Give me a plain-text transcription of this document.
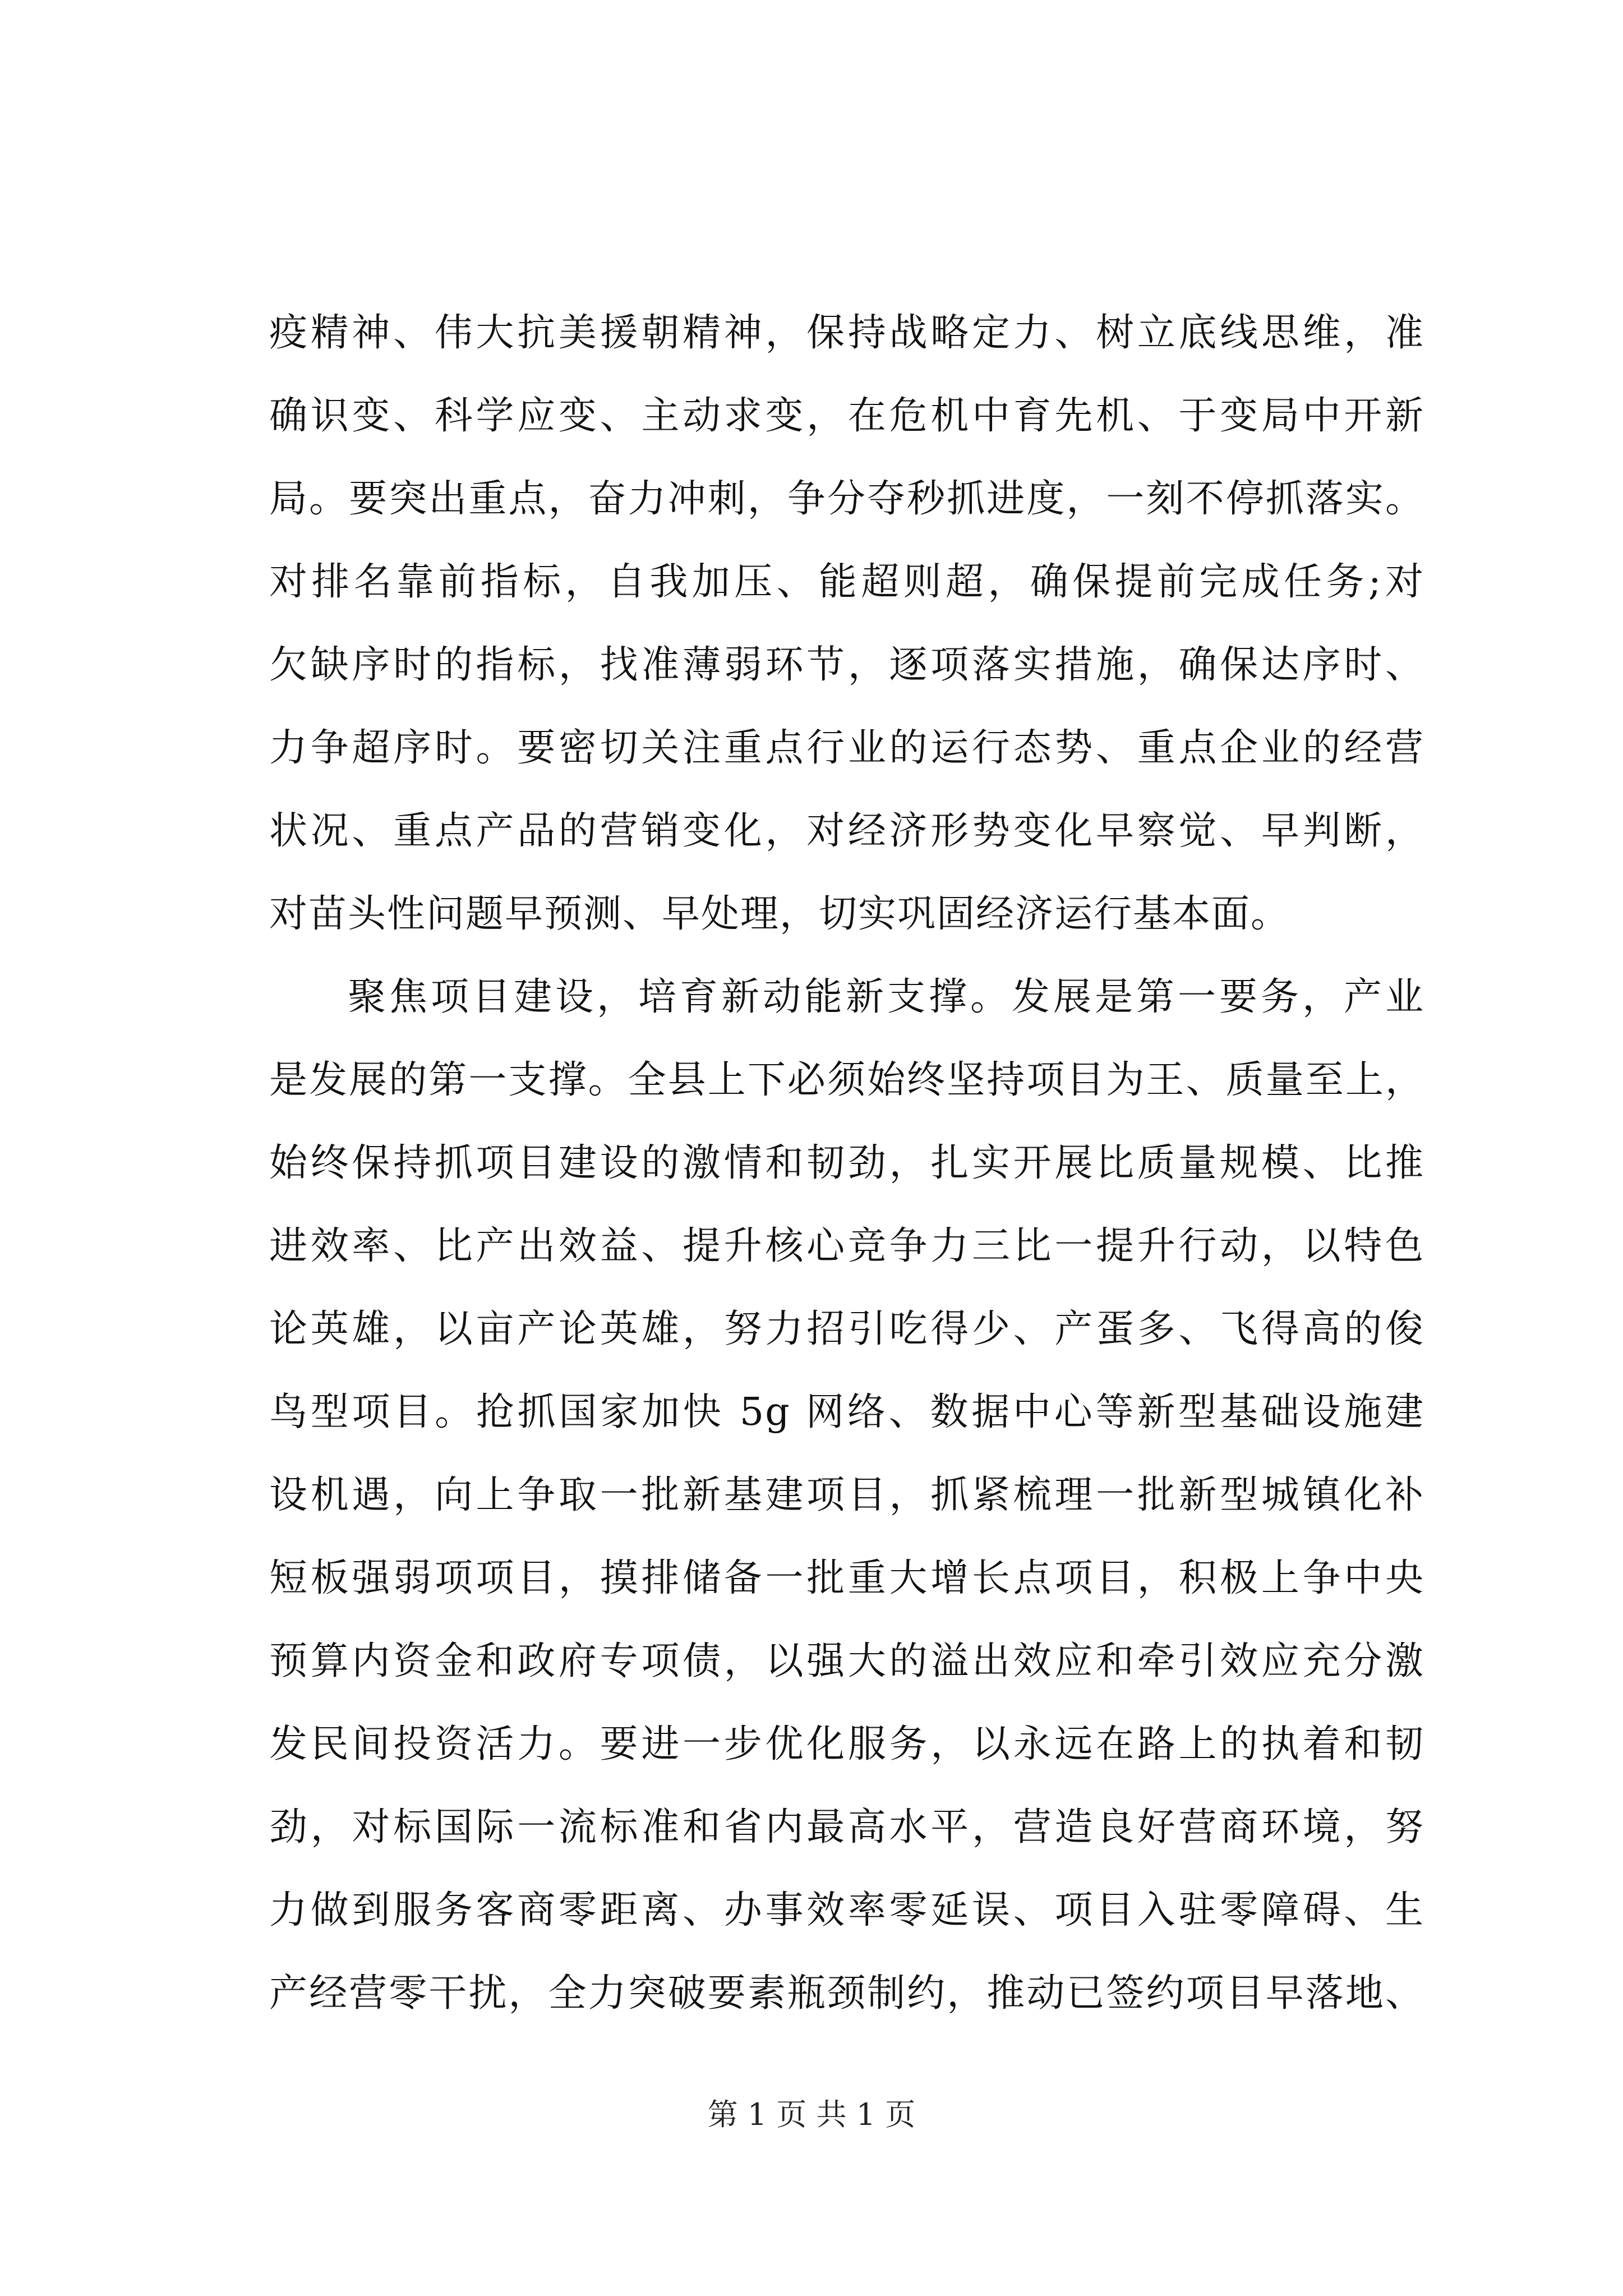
疫精神、伟大抗美援朝精神，保持战略定力、树立底线思维，准
确识变、科学应变、主动求变，在危机中育先机、于变局中开新
局。要突出重点，奋力冲刺，争分夺秒抓进度，一刻不停抓落实。
对排名靠前指标，自我加压、能超则超，确保提前完成任务;对
欠缺序时的指标，找准薄弱环节，逐项落实措施，确保达序时、
力争超序时。要密切关注重点行业的运行态势、重点企业的经营
状况、重点产品的营销变化，对经济形势变化早察觉、早判断，
对苗头性问题早预测、早处理，切实巩固经济运行基本面。
聚焦项目建设，培育新动能新支撑。发展是第一要务，产业
是发展的第一支撑。全县上下必须始终坚持项目为王、质量至上，
始终保持抓项目建设的激情和韧劲，扎实开展比质量规模、比推
进效率、比产出效益、提升核心竞争力三比一提升行动，以特色
论英雄，以亩产论英雄，努力招引吃得少、产蛋多、飞得高的俊
鸟型项目。抢抓国家加快 5g 网络、数据中心等新型基础设施建
设机遇，向上争取一批新基建项目，抓紧梳理一批新型城镇化补
短板强弱项项目，摸排储备一批重大增长点项目，积极上争中央
预算内资金和政府专项债，以强大的溢出效应和牵引效应充分激
发民间投资活力。要进一步优化服务，以永远在路上的执着和韧
劲，对标国际一流标准和省内最高水平，营造良好营商环境，努
力做到服务客商零距离、办事效率零延误、项目入驻零障碍、生
产经营零干扰，全力突破要素瓶颈制约，推动已签约项目早落地、
第 1 页 共 1 页
